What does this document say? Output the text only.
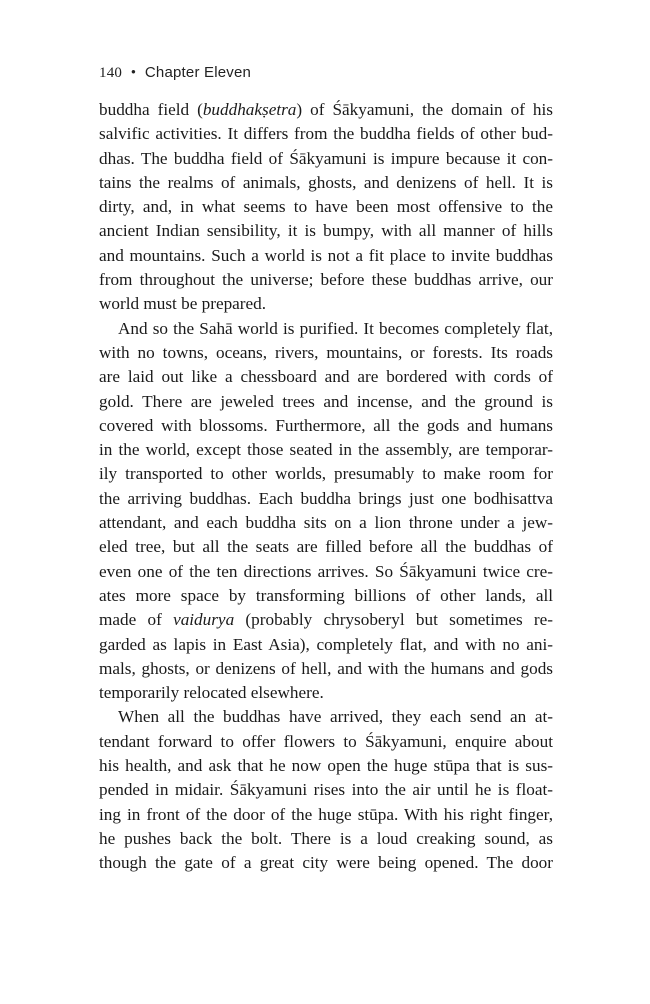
140 • Chapter Eleven
buddha field (buddhakṣetra) of Śākyamuni, the domain of his
salvific activities. It differs from the buddha fields of other bud-
dhas. The buddha field of Śākyamuni is impure because it con-
tains the realms of animals, ghosts, and denizens of hell. It is
dirty, and, in what seems to have been most offensive to the
ancient Indian sensibility, it is bumpy, with all manner of hills
and mountains. Such a world is not a fit place to invite buddhas
from throughout the universe; before these buddhas arrive, our
world must be prepared.
And so the Sahā world is purified. It becomes completely flat,
with no towns, oceans, rivers, mountains, or forests. Its roads
are laid out like a chessboard and are bordered with cords of
gold. There are jeweled trees and incense, and the ground is
covered with blossoms. Furthermore, all the gods and humans
in the world, except those seated in the assembly, are temporar-
ily transported to other worlds, presumably to make room for
the arriving buddhas. Each buddha brings just one bodhisattva
attendant, and each buddha sits on a lion throne under a jew-
eled tree, but all the seats are filled before all the buddhas of
even one of the ten directions arrives. So Śākyamuni twice cre-
ates more space by transforming billions of other lands, all
made of vaidurya (probably chrysoberyl but sometimes re-
garded as lapis in East Asia), completely flat, and with no ani-
mals, ghosts, or denizens of hell, and with the humans and gods
temporarily relocated elsewhere.
When all the buddhas have arrived, they each send an at-
tendant forward to offer flowers to Śākyamuni, enquire about
his health, and ask that he now open the huge stūpa that is sus-
pended in midair. Śākyamuni rises into the air until he is float-
ing in front of the door of the huge stūpa. With his right finger,
he pushes back the bolt. There is a loud creaking sound, as
though the gate of a great city were being opened. The door
